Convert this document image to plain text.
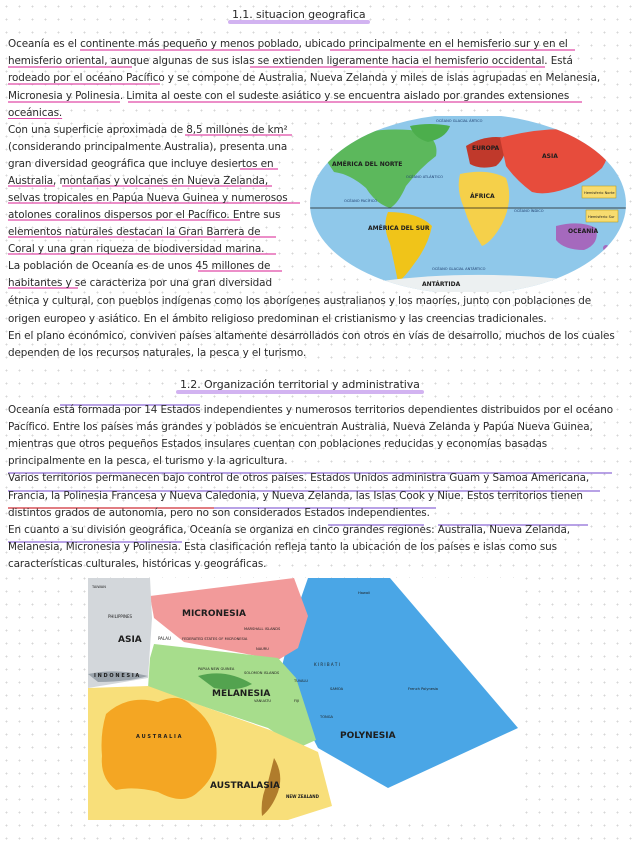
1.1. situacion geografica
Oceanía es el continente más pequeño y menos poblado, ubicado principalmente en el hemisferio sur y en el
hemisferio oriental, aunque algunas de sus islas se extienden ligeramente hacia el hemisferio occidental. Está
rodeado por el océano Pacífico y se compone de Australia, Nueva Zelanda y miles de islas agrupadas en Melanesia,
Micronesia y Polinesia. Limita al oeste con el sudeste asiático y se encuentra aislado por grandes extensiones
oceánicas.
Con una superficie aproximada de 8,5 millones de km²
(considerando principalmente Australia), presenta una
gran diversidad geográfica que incluye desiertos en
Australia, montañas y volcanes en Nueva Zelanda,
selvas tropicales en Papúa Nueva Guinea y numerosos
atolones coralinos dispersos por el Pacífico. Entre sus
elementos naturales destacan la Gran Barrera de
Coral y una gran riqueza de biodiversidad marina.
La población de Oceanía es de unos 45 millones de
habitantes y se caracteriza por una gran diversidad
étnica y cultural, con pueblos indígenas como los aborígenes australianos y los maoríes, junto con poblaciones de
origen europeo y asiático. En el ámbito religioso predominan el cristianismo y las creencias tradicionales.
En el plano económico, conviven países altamente desarrollados con otros en vías de desarrollo, muchos de los cuales
dependen de los recursos naturales, la pesca y el turismo.
AMÉRICA DEL NORTE
EUROPA
ASIA
ÁFRICA
AMÉRICA DEL SUR	OCEANÍA
ANTÁRTIDA
OCÉANO GLACIAL ÁRTICO
OCÉANO ATLÁNTICO
OCÉANO PACÍFICO
OCÉANO ÍNDICO
OCÉANO GLACIAL ANTÁRTICO
Hemisferio Norte
Hemisferio Sur
1.2. Organización territorial y administrativa
Oceanía está formada por 14 Estados independientes y numerosos territorios dependientes distribuidos por el océano
Pacífico. Entre los países más grandes y poblados se encuentran Australia, Nueva Zelanda y Papúa Nueva Guinea,
mientras que otros pequeños Estados insulares cuentan con poblaciones reducidas y economías basadas
principalmente en la pesca, el turismo y la agricultura.
Varios territorios permanecen bajo control de otros países. Estados Unidos administra Guam y Samoa Americana,
Francia, la Polinesia Francesa y Nueva Caledonia, y Nueva Zelanda, las Islas Cook y Niue. Estos territorios tienen
distintos grados de autonomía, pero no son considerados Estados independientes.
En cuanto a su división geográfica, Oceanía se organiza en cinco grandes regiones: Australia, Nueva Zelanda,
Melanesia, Micronesia y Polinesia. Esta clasificación refleja tanto la ubicación de los países e islas como sus
características culturales, históricas y geográficas.
MICRONESIA
MELANESIA
POLYNESIA
AUSTRALASIA
ASIA
A U S T R A L I A
I N D O N E S I A
PHILIPPINES
PALAU	FEDERATED STATES OF MICRONESIA
MARSHALL ISLANDS
NAURU
K I R I B A T I
PAPUA NEW GUINEA
SOLOMON ISLANDS
VANUATU	FIJI
TUVALU
SAMOA
TONGA
French Polynesia
NEW ZEALAND
Hawaii
TAIWAN
